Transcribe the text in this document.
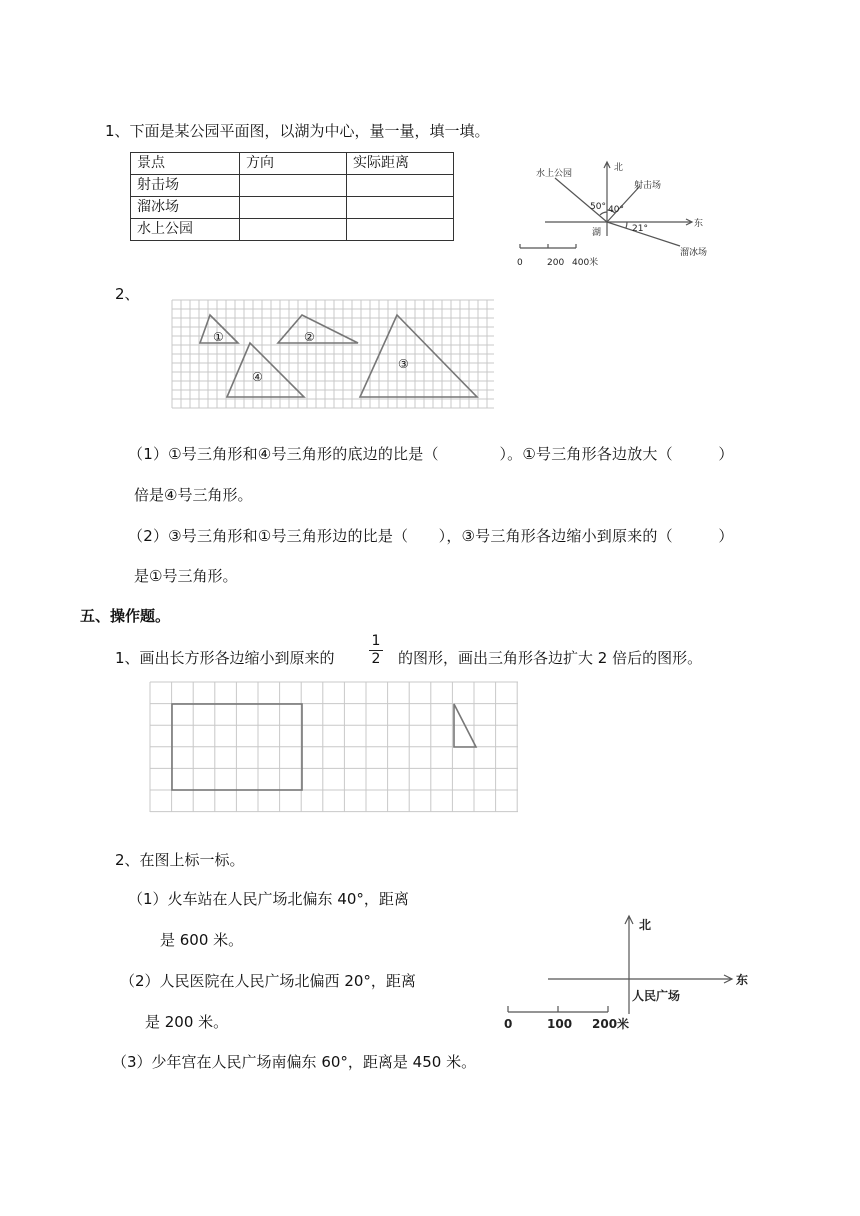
1、下面是某公园平面图，以湖为中心，量一量，填一填。
景点	方向	实际距离
射击场		
溜冰场		
水上公园		
水上公园
北
射击场
东
50° 40°
21°
湖
溜冰场
0	200 400米
2、
①	②
③
④
（1）①号三角形和④号三角形的底边的比是（　　　　）。①号三角形各边放大（　　　）
倍是④号三角形。
（2）③号三角形和①号三角形边的比是（　　），③号三角形各边缩小到原来的（　　　）
是①号三角形。
五、操作题。
1、画出长方形各边缩小到原来的
1
2 的图形，画出三角形各边扩大 2 倍后的图形。
2、在图上标一标。
（1）火车站在人民广场北偏东 40°，距离
是 600 米。
（2）人民医院在人民广场北偏西 20°，距离
是 200 米。
（3）少年宫在人民广场南偏东 60°，距离是 450 米。
北
东
人民广场
0	100 200米
